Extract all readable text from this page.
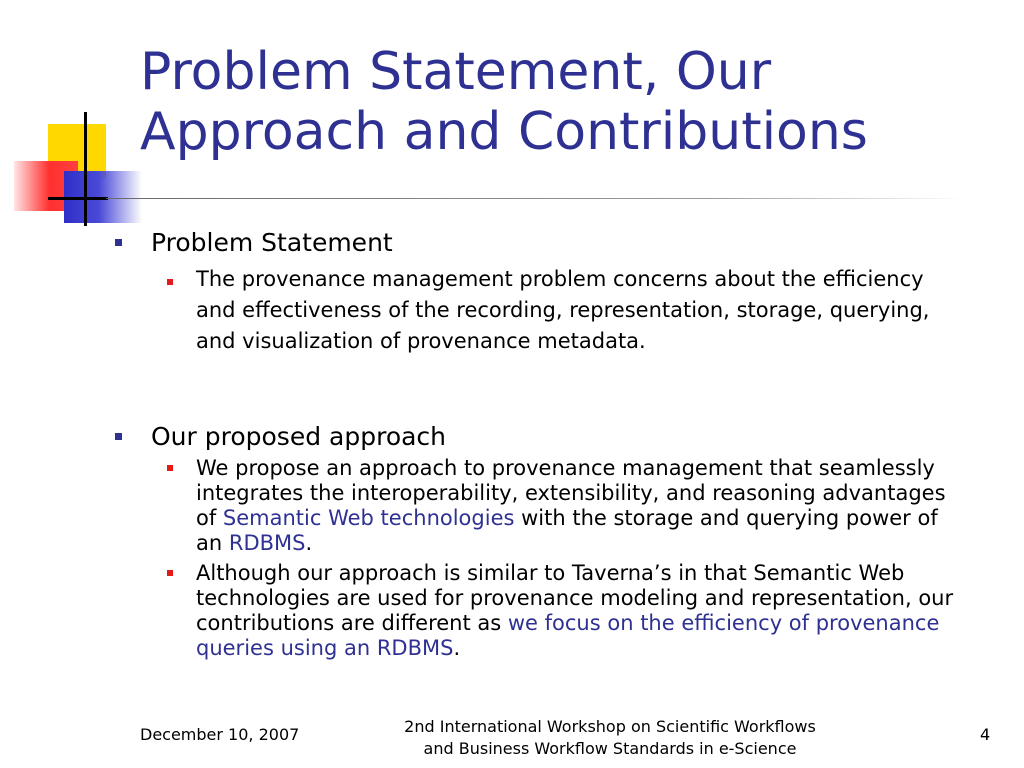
Problem Statement, Our
Approach and Contributions
Problem Statement
The provenance management problem concerns about the efficiency and effectiveness of the recording, representation, storage, querying, and visualization of provenance metadata.
Our proposed approach
We propose an approach to provenance management that seamlessly integrates the interoperability, extensibility, and reasoning advantages of Semantic Web technologies with the storage and querying power of an RDBMS.
Although our approach is similar to Taverna’s in that Semantic Web technologies are used for provenance modeling and representation, our contributions are different as we focus on the efficiency of provenance queries using an RDBMS.
December 10, 2007	2nd International Workshop on Scientific Workflows
and Business Workflow Standards in e-Science
4
